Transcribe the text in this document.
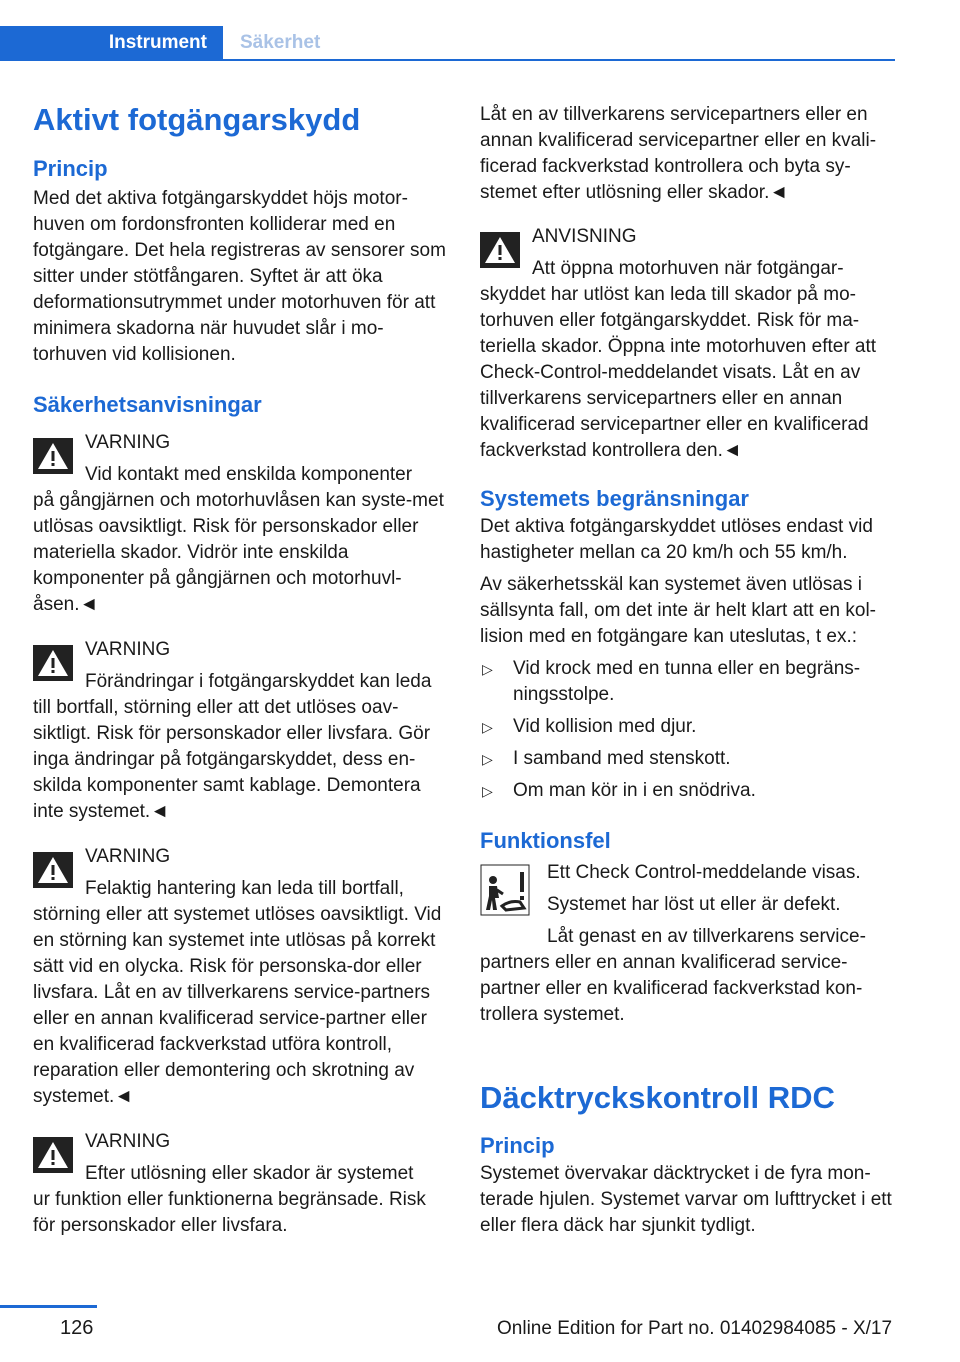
Instrument	Säkerhet
Aktivt fotgängarskydd
Princip
Med det aktiva fotgängarskyddet höjs motor-huven om fordonsfronten kolliderar med en fotgängare. Det hela registreras av sensorer som sitter under stötfångaren. Syftet är att öka deformationsutrymmet under motorhuven för att minimera skadorna när huvudet slår i mo-torhuven vid kollisionen.
Säkerhetsanvisningar
VARNING
Vid kontakt med enskilda komponenter
på gångjärnen och motorhuvlåsen kan syste-met utlösas oavsiktligt. Risk för personskador eller materiella skador. Vidrör inte enskilda komponenter på gångjärnen och motorhuvl-åsen.◄
VARNING
Förändringar i fotgängarskyddet kan leda
till bortfall, störning eller att det utlöses oav-siktligt. Risk för personskador eller livsfara. Gör inga ändringar på fotgängarskyddet, dess en-skilda komponenter samt kablage. Demontera inte systemet.◄
VARNING
Felaktig hantering kan leda till bortfall,
störning eller att systemet utlöses oavsiktligt. Vid en störning kan systemet inte utlösas på korrekt sätt vid en olycka. Risk för personska-dor eller livsfara. Låt en av tillverkarens service-partners eller en annan kvalificerad service-partner eller en kvalificerad fackverkstad utföra kontroll, reparation eller demontering och skrotning av systemet.◄
VARNING
Efter utlösning eller skador är systemet
ur funktion eller funktionerna begränsade. Risk för personskador eller livsfara.
Låt en av tillverkarens servicepartners eller en annan kvalificerad servicepartner eller en kvali-ficerad fackverkstad kontrollera och byta sy-stemet efter utlösning eller skador.◄
ANVISNING
Att öppna motorhuven när fotgängar-
skyddet har utlöst kan leda till skador på mo-torhuven eller fotgängarskyddet. Risk för ma-teriella skador. Öppna inte motorhuven efter att Check-Control-meddelandet visats. Låt en av tillverkarens servicepartners eller en annan kvalificerad servicepartner eller en kvalificerad fackverkstad kontrollera den.◄
Systemets begränsningar
Det aktiva fotgängarskyddet utlöses endast vid hastigheter mellan ca 20 km/h och 55 km/h.
Av säkerhetsskäl kan systemet även utlösas i sällsynta fall, om det inte är helt klart att en kol-lision med en fotgängare kan uteslutas, t ex.:
▷ Vid krock med en tunna eller en begräns-ningsstolpe.
▷ Vid kollision med djur.
▷ I samband med stenskott.
▷ Om man kör in i en snödriva.
Funktionsfel
Ett Check Control-meddelande visas.
Systemet har löst ut eller är defekt.
Låt genast en av tillverkarens service-
partners eller en annan kvalificerad service-partner eller en kvalificerad fackverkstad kon-trollera systemet.
Däcktryckskontroll RDC
Princip
Systemet övervakar däcktrycket i de fyra mon-terade hjulen. Systemet varvar om lufttrycket i ett eller flera däck har sjunkit tydligt.
126	Online Edition for Part no. 01402984085 - X/17
